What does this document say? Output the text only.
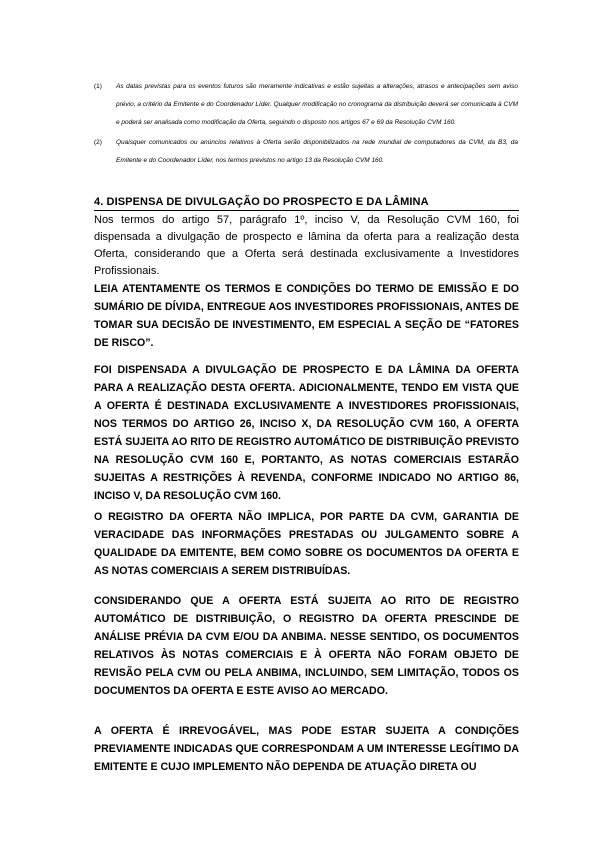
(1)	As datas previstas para os eventos futuros são meramente indicativas e estão sujeitas a alterações, atrasos e antecipações sem aviso prévio, a critério da Emitente e do Coordenador Líder. Qualquer modificação no cronograma da distribuição deverá ser comunicada à CVM e poderá ser analisada como modificação da Oferta, seguindo o disposto nos artigos 67 e 69 da Resolução CVM 160.
(2)	Quaisquer comunicados ou anúncios relativos à Oferta serão disponibilizados na rede mundial de computadores da CVM, da B3, da Emitente e do Coordenador Líder, nos termos previstos no artigo 13 da Resolução CVM 160.
4. DISPENSA DE DIVULGAÇÃO DO PROSPECTO E DA LÂMINA
Nos termos do artigo 57, parágrafo 1º, inciso V, da Resolução CVM 160, foi dispensada a divulgação de prospecto e lâmina da oferta para a realização desta Oferta, considerando que a Oferta será destinada exclusivamente a Investidores Profissionais.
LEIA ATENTAMENTE OS TERMOS E CONDIÇÕES DO TERMO DE EMISSÃO E DO SUMÁRIO DE DÍVIDA, ENTREGUE AOS INVESTIDORES PROFISSIONAIS, ANTES DE TOMAR SUA DECISÃO DE INVESTIMENTO, EM ESPECIAL A SEÇÃO DE “FATORES DE RISCO”.
FOI DISPENSADA A DIVULGAÇÃO DE PROSPECTO E DA LÂMINA DA OFERTA PARA A REALIZAÇÃO DESTA OFERTA. ADICIONALMENTE, TENDO EM VISTA QUE A OFERTA É DESTINADA EXCLUSIVAMENTE A INVESTIDORES PROFISSIONAIS, NOS TERMOS DO ARTIGO 26, INCISO X, DA RESOLUÇÃO CVM 160, A OFERTA ESTÁ SUJEITA AO RITO DE REGISTRO AUTOMÁTICO DE DISTRIBUIÇÃO PREVISTO NA RESOLUÇÃO CVM 160 E, PORTANTO, AS NOTAS COMERCIAIS ESTARÃO SUJEITAS A RESTRIÇÕES À REVENDA, CONFORME INDICADO NO ARTIGO 86, INCISO V, DA RESOLUÇÃO CVM 160.
O REGISTRO DA OFERTA NÃO IMPLICA, POR PARTE DA CVM, GARANTIA DE VERACIDADE DAS INFORMAÇÕES PRESTADAS OU JULGAMENTO SOBRE A QUALIDADE DA EMITENTE, BEM COMO SOBRE OS DOCUMENTOS DA OFERTA E AS NOTAS COMERCIAIS A SEREM DISTRIBUÍDAS.
CONSIDERANDO QUE A OFERTA ESTÁ SUJEITA AO RITO DE REGISTRO AUTOMÁTICO DE DISTRIBUIÇÃO, O REGISTRO DA OFERTA PRESCINDE DE ANÁLISE PRÉVIA DA CVM E/OU DA ANBIMA. NESSE SENTIDO, OS DOCUMENTOS RELATIVOS ÀS NOTAS COMERCIAIS E À OFERTA NÃO FORAM OBJETO DE REVISÃO PELA CVM OU PELA ANBIMA, INCLUINDO, SEM LIMITAÇÃO, TODOS OS DOCUMENTOS DA OFERTA E ESTE AVISO AO MERCADO.
A OFERTA É IRREVOGÁVEL, MAS PODE ESTAR SUJEITA A CONDIÇÕES PREVIAMENTE INDICADAS QUE CORRESPONDAM A UM INTERESSE LEGÍTIMO DA EMITENTE E CUJO IMPLEMENTO NÃO DEPENDA DE ATUAÇÃO DIRETA OU
